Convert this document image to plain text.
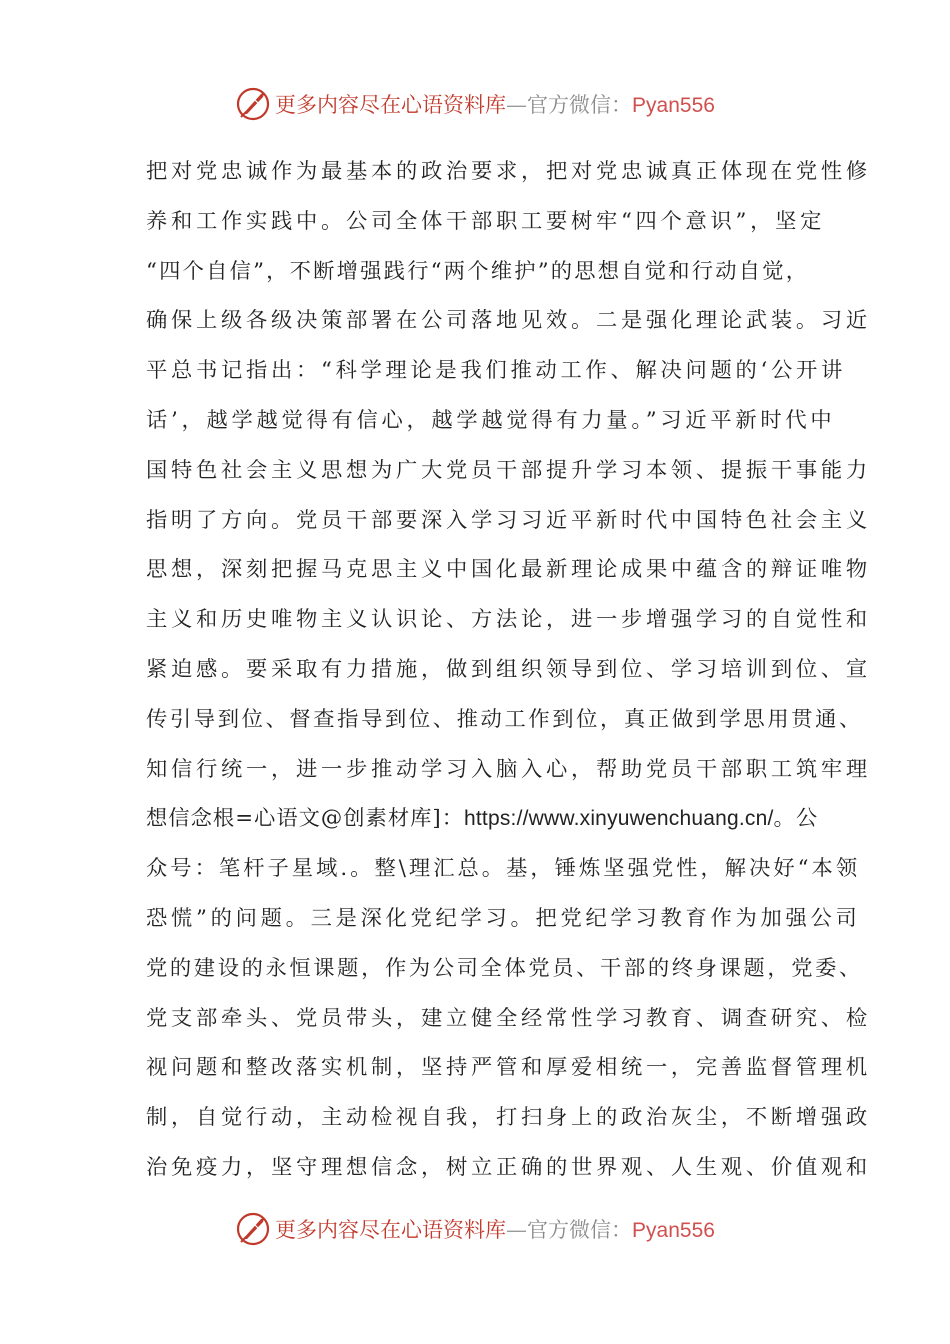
更多内容尽在心语资料库—官方微信：Pyan556
把对党忠诚作为最基本的政治要求，把对党忠诚真正体现在党性修
养和工作实践中。公司全体干部职工要树牢“四个意识”，坚定
“四个自信”，不断增强践行“两个维护”的思想自觉和行动自觉，
确保上级各级决策部署在公司落地见效。二是强化理论武装。习近
平总书记指出：“科学理论是我们推动工作、解决问题的‘公开讲
话’，越学越觉得有信心，越学越觉得有力量。”习近平新时代中
国特色社会主义思想为广大党员干部提升学习本领、提振干事能力
指明了方向。党员干部要深入学习习近平新时代中国特色社会主义
思想，深刻把握马克思主义中国化最新理论成果中蕴含的辩证唯物
主义和历史唯物主义认识论、方法论，进一步增强学习的自觉性和
紧迫感。要采取有力措施，做到组织领导到位、学习培训到位、宣
传引导到位、督查指导到位、推动工作到位，真正做到学思用贯通、
知信行统一，进一步推动学习入脑入心，帮助党员干部职工筑牢理
想信念根=心语文@创素材库]：https://www.xinyuwenchuang.cn/。公
众号：笔杆子星域.。整\理汇总。基，锤炼坚强党性，解决好“本领
恐慌”的问题。三是深化党纪学习。把党纪学习教育作为加强公司
党的建设的永恒课题，作为公司全体党员、干部的终身课题，党委、
党支部牵头、党员带头，建立健全经常性学习教育、调查研究、检
视问题和整改落实机制，坚持严管和厚爱相统一，完善监督管理机
制，自觉行动，主动检视自我，打扫身上的政治灰尘，不断增强政
治免疫力，坚守理想信念，树立正确的世界观、人生观、价值观和
更多内容尽在心语资料库—官方微信：Pyan556
